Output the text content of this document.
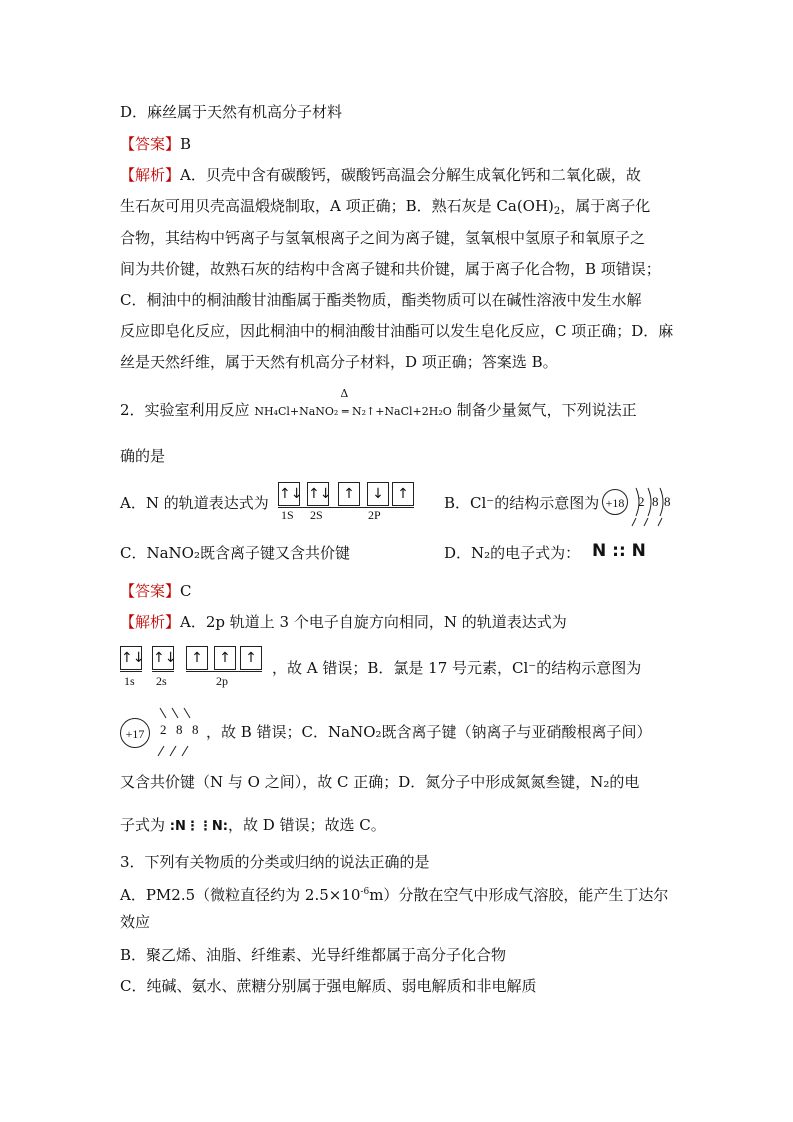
D．麻丝属于天然有机高分子材料
【答案】B
【解析】A．贝壳中含有碳酸钙，碳酸钙高温会分解生成氧化钙和二氧化碳，故
生石灰可用贝壳高温煅烧制取，A 项正确；B．熟石灰是 $Ca(OH)_2$，属于离子化
合物，其结构中钙离子与氢氧根离子之间为离子键，氢氧根中氢原子和氧原子之
间为共价键，故熟石灰的结构中含离子键和共价键，属于离子化合物，B 项错误；
C．桐油中的桐油酸甘油酯属于酯类物质，酯类物质可以在碱性溶液中发生水解
反应即皂化反应，因此桐油中的桐油酸甘油酯可以发生皂化反应，C 项正确；D．麻
丝是天然纤维，属于天然有机高分子材料，D 项正确；答案选 B。
2．实验室利用反应
Δ
NH₄Cl+NaNO₂ ═ N₂↑+NaCl+2H₂O 制备少量氮气，下列说法正
确的是
A．N 的轨道表达式为 ↑↓ ↑↓ ↑	↓ ↑
1S 2S	2P
B．Cl⁻的结构示意图为 +18 2 8 8
C．NaNO₂既含离子键又含共价键	D．N₂的电子式为： N :: N
【答案】C
【解析】A．2p 轨道上 3 个电子自旋方向相同，N 的轨道表达式为
↑↓ ↑↓	↑	↑	↑
1s 2s	2p
，故 A 错误；B．氯是 17 号元素，Cl⁻的结构示意图为
+17	2 8 8 ，故 B 错误；C．NaNO₂既含离子键（钠离子与亚硝酸根离子间）
又含共价键（N 与 O 之间），故 C 正确；D．氮分子中形成氮氮叁键，N₂的电
子式为 :N⋮⋮N:，故 D 错误；故选 C。
3．下列有关物质的分类或归纳的说法正确的是
A．PM2.5（微粒直径约为 $2.5\times 10^{-6}m$）分散在空气中形成气溶胶，能产生丁达尔
效应
B．聚乙烯、油脂、纤维素、光导纤维都属于高分子化合物
C．纯碱、氨水、蔗糖分别属于强电解质、弱电解质和非电解质
